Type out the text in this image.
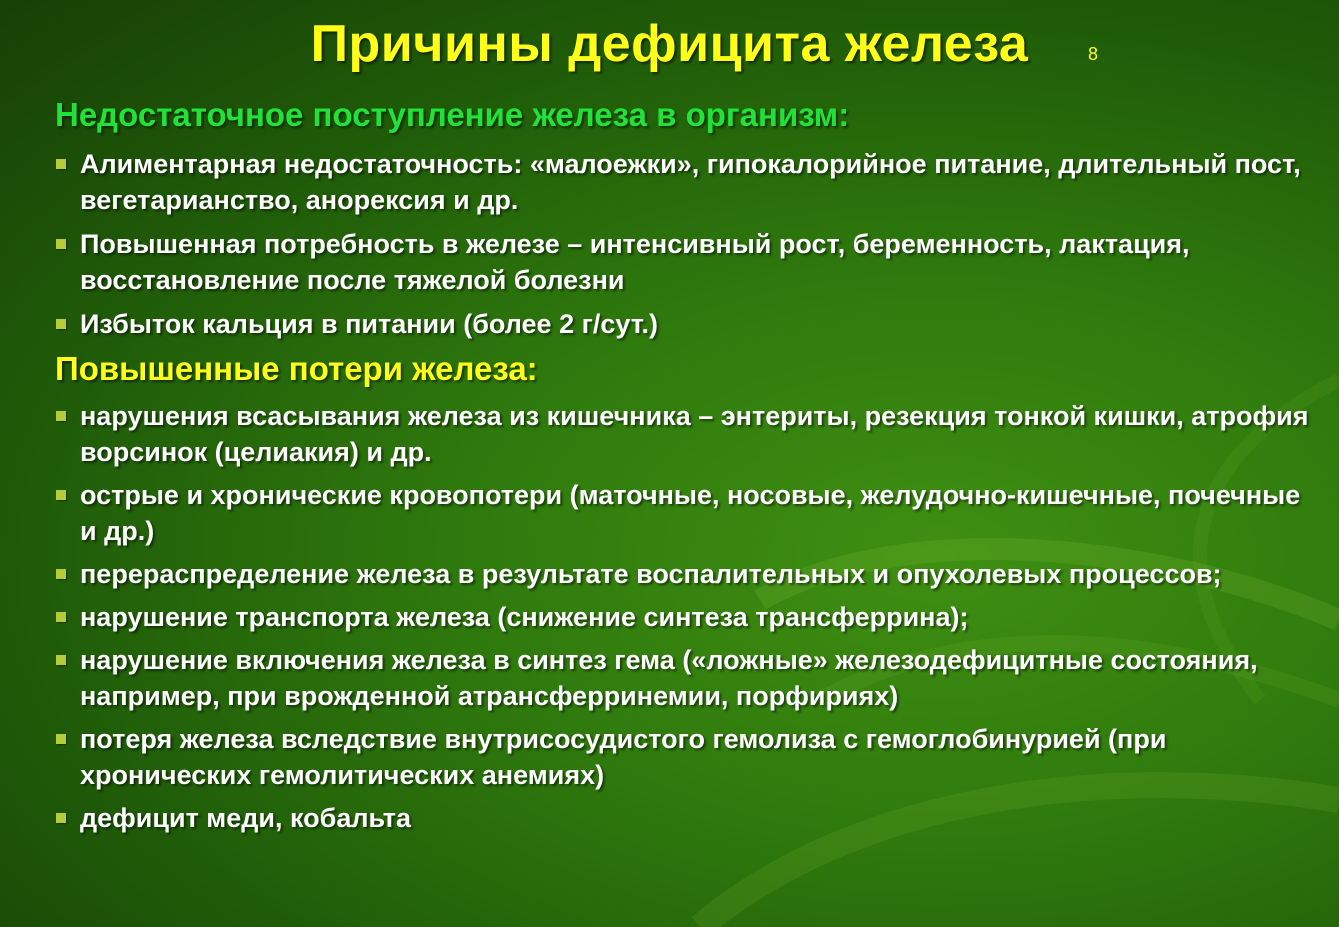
Причины дефицита железа	8
Недостаточное поступление железа в организм:
Алиментарная недостаточность: «малоежки», гипокалорийное питание, длительный пост, вегетарианство, анорексия и др.
Повышенная потребность в железе – интенсивный рост, беременность, лактация, восстановление после тяжелой болезни
Избыток кальция в питании (более 2 г/сут.)
Повышенные потери железа:
нарушения всасывания железа из кишечника – энтериты, резекция тонкой кишки, атрофия ворсинок (целиакия) и др.
острые и хронические кровопотери (маточные, носовые, желудочно-кишечные, почечные и др.)
перераспределение железа в результате воспалительных и опухолевых процессов;
нарушение транспорта железа (снижение синтеза трансферрина);
нарушение включения железа в синтез гема («ложные» железодефицитные состояния, например, при врожденной атрансферринемии, порфириях)
потеря железа вследствие внутрисосудистого гемолиза с гемоглобинурией (при хронических гемолитических анемиях)
дефицит меди, кобальта
